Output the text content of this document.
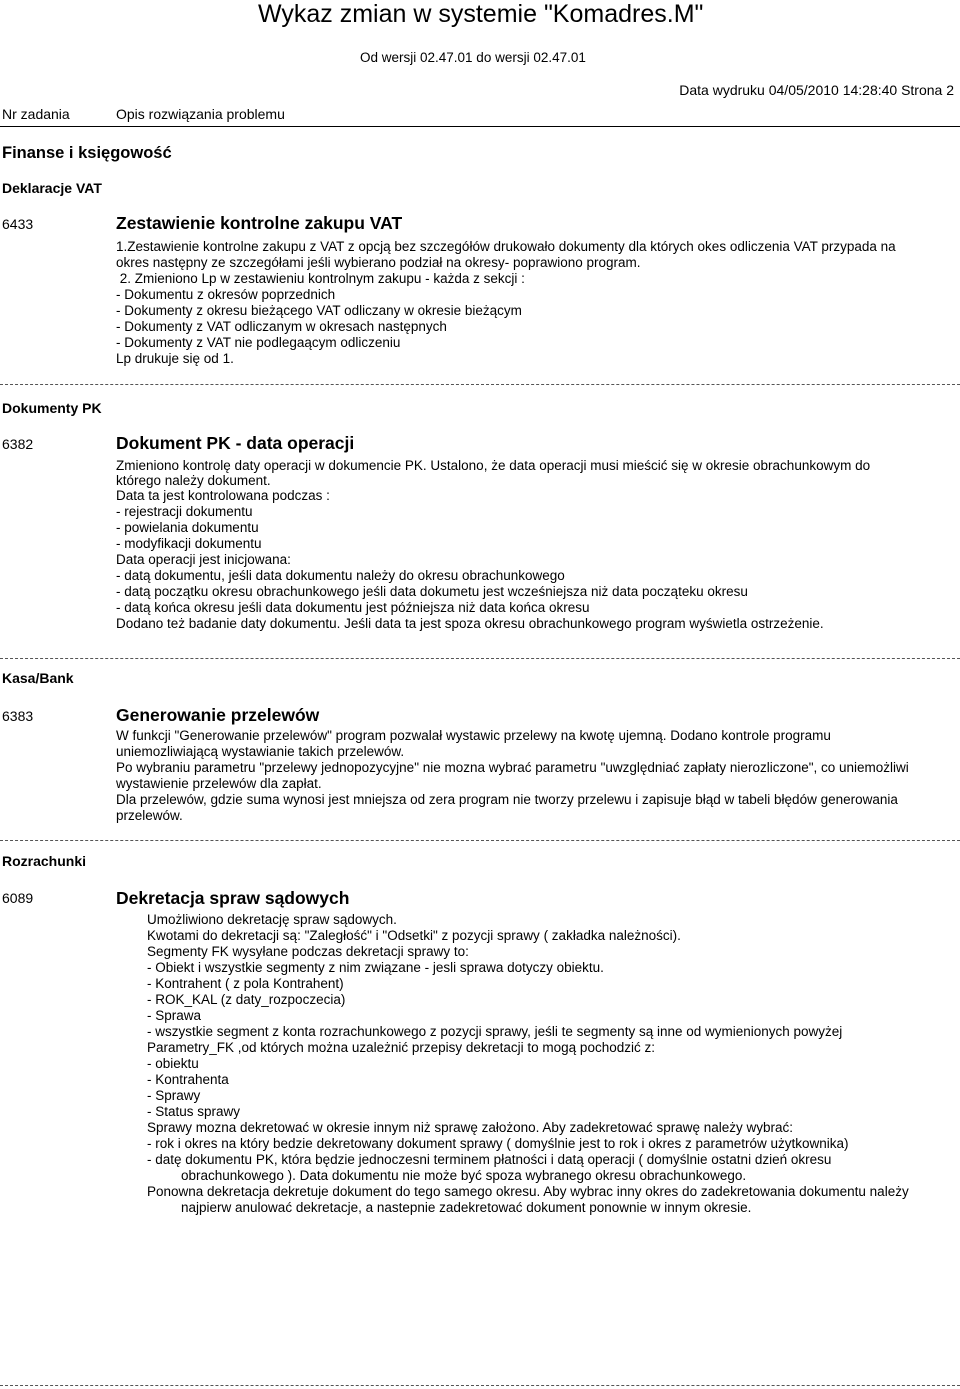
Wykaz zmian w systemie "Komadres.M"
Od wersji 02.47.01 do wersji 02.47.01
Data wydruku 04/05/2010 14:28:40 Strona 2
Nr zadania	Opis rozwiązania problemu
Finanse i księgowość
Deklaracje VAT
6433	Zestawienie kontrolne zakupu VAT
1.Zestawienie kontrolne zakupu z VAT z opcją bez szczegółów drukowało dokumenty dla których okes odliczenia VAT przypada na
okres następny ze szczegółami jeśli wybierano podział na okresy- poprawiono program.
2. Zmieniono Lp w zestawieniu kontrolnym zakupu - każda z sekcji :
- Dokumentu z okresów poprzednich
- Dokumenty z okresu bieżącego VAT odliczany w okresie bieżącym
- Dokumenty z VAT odliczanym w okresach następnych
- Dokumenty z VAT nie podlegaącym odliczeniu
Lp drukuje się od 1.
Dokumenty PK
6382	Dokument PK - data operacji
Zmieniono kontrolę daty operacji w dokumencie PK. Ustalono, że data operacji musi mieścić się w okresie obrachunkowym do
którego należy dokument.
Data ta jest kontrolowana podczas :
- rejestracji dokumentu
- powielania dokumentu
- modyfikacji dokumentu
Data operacji jest inicjowana:
- datą dokumentu, jeśli data dokumentu należy do okresu obrachunkowego
- datą początku okresu obrachunkowego jeśli data dokumetu jest wcześniejsza niż data począteku okresu
- datą końca okresu jeśli data dokumentu jest późniejsza niż data końca okresu
Dodano też badanie daty dokumentu. Jeśli data ta jest spoza okresu obrachunkowego program wyświetla ostrzeżenie.
Kasa/Bank
6383	Generowanie przelewów
W funkcji "Generowanie przelewów" program pozwalał wystawic przelewy na kwotę ujemną. Dodano kontrole programu
uniemozliwiającą wystawianie takich przelewów.
Po wybraniu parametru "przelewy jednopozycyjne" nie mozna wybrać parametru "uwzględniać zapłaty nierozliczone", co uniemożliwi
wystawienie przelewów dla zapłat.
Dla przelewów, gdzie suma wynosi jest mniejsza od zera program nie tworzy przelewu i zapisuje błąd w tabeli błędów generowania
przelewów.
Rozrachunki
6089	Dekretacja spraw sądowych
Umożliwiono dekretację spraw sądowych.
Kwotami do dekretacji są: "Zaległość" i "Odsetki" z pozycji sprawy ( zakładka należności).
Segmenty FK wysyłane podczas dekretacji sprawy to:
- Obiekt i wszystkie segmenty z nim związane - jesli sprawa dotyczy obiektu.
- Kontrahent ( z pola Kontrahent)
- ROK_KAL (z daty_rozpoczecia)
- Sprawa
- wszystkie segment z konta rozrachunkowego z pozycji sprawy, jeśli te segmenty są inne od wymienionych powyżej
Parametry_FK ,od których można uzależnić przepisy dekretacji to mogą pochodzić z:
- obiektu
- Kontrahenta
- Sprawy
- Status sprawy
Sprawy mozna dekretować w okresie innym niż sprawę założono. Aby zadekretować sprawę należy wybrać:
- rok i okres na który bedzie dekretowany dokument sprawy ( domyślnie jest to rok i okres z parametrów użytkownika)
- datę dokumentu PK, która będzie jednoczesni terminem płatności i datą operacji ( domyślnie ostatni dzień okresu
obrachunkowego ). Data dokumentu nie może być spoza wybranego okresu obrachunkowego.
Ponowna dekretacja dekretuje dokument do tego samego okresu. Aby wybrac inny okres do zadekretowania dokumentu należy
najpierw anulować dekretacje, a nastepnie zadekretować dokument ponownie w innym okresie.
